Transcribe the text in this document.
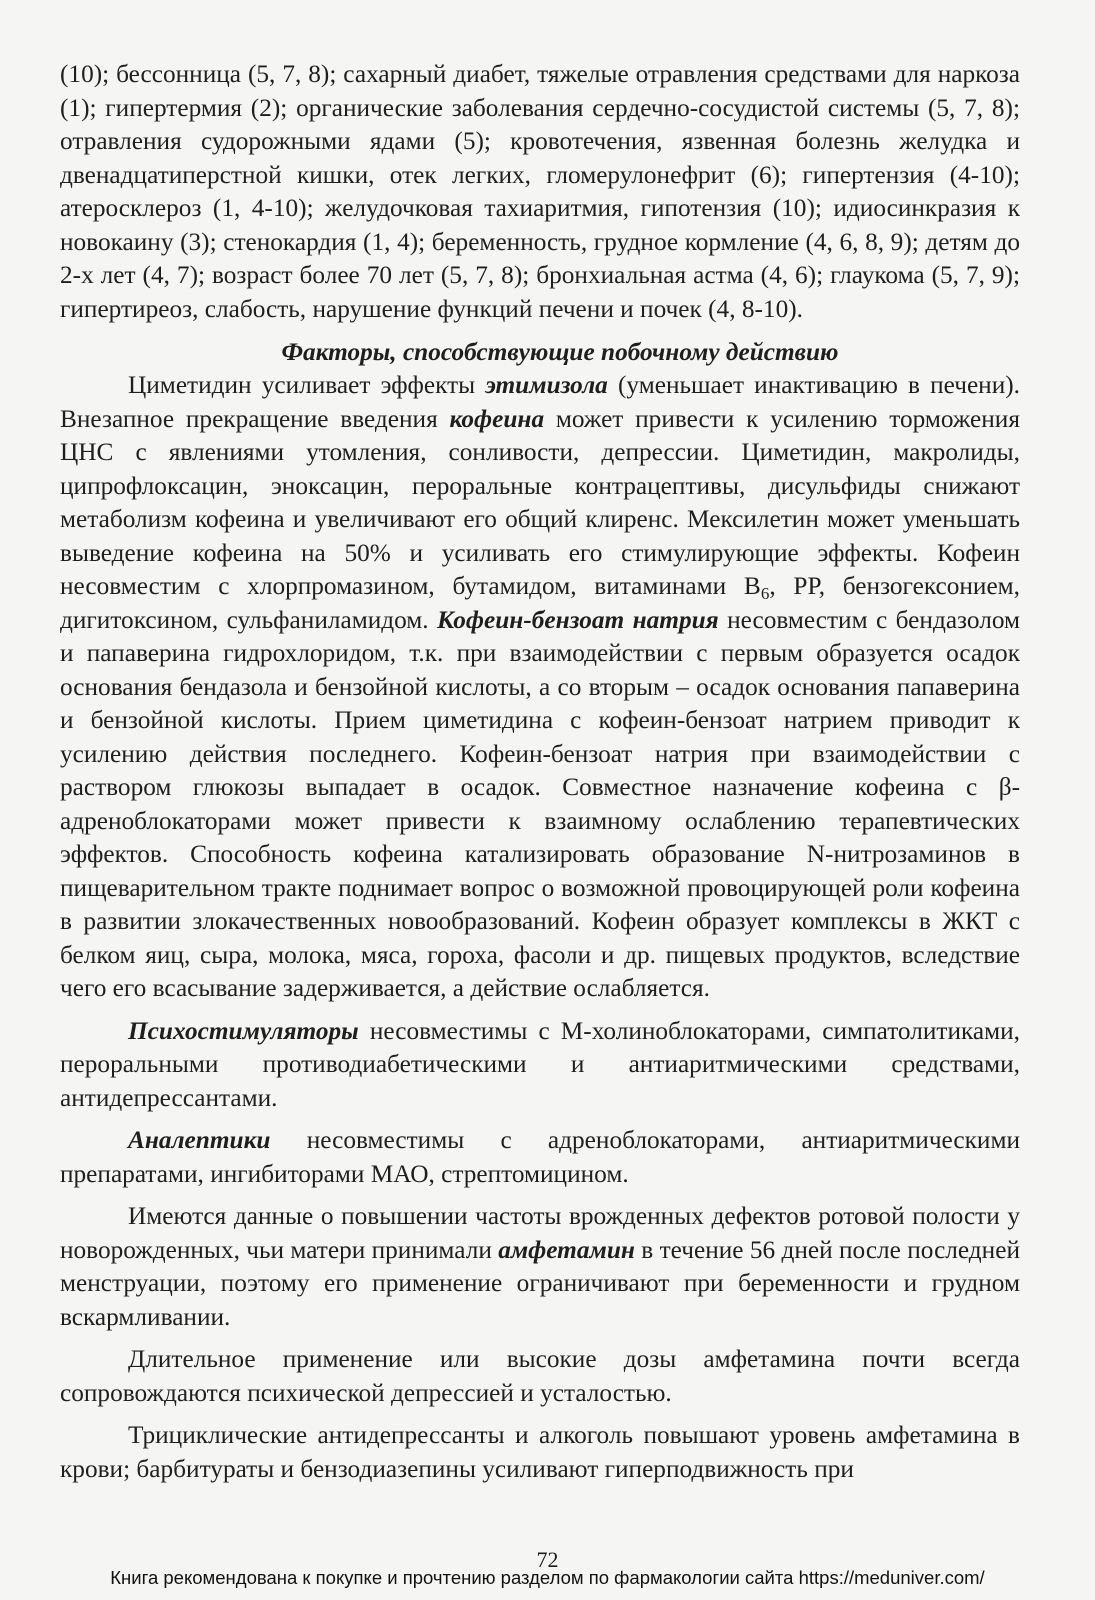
(10); бессонница (5, 7, 8); сахарный диабет, тяжелые отравления средствами для наркоза (1); гипертермия (2); органические заболевания сердечно-сосудистой системы (5, 7, 8); отравления судорожными ядами (5); кровотечения, язвенная болезнь желудка и двенадцатиперстной кишки, отек легких, гломерулонефрит (6); гипертензия (4-10); атеросклероз (1, 4-10); желудочковая тахиаритмия, гипотензия (10); идиосинкразия к новокаину (3); стенокардия (1, 4); беременность, грудное кормление (4, 6, 8, 9); детям до 2-х лет (4, 7); возраст более 70 лет (5, 7, 8); бронхиальная астма (4, 6); глаукома (5, 7, 9); гипертиреоз, слабость, нарушение функций печени и почек (4, 8-10).

Факторы, способствующие побочному действию

Циметидин усиливает эффекты этимизола (уменьшает инактивацию в печени). Внезапное прекращение введения кофеина может привести к усилению торможения ЦНС с явлениями утомления, сонливости, депрессии. Циметидин, макролиды, ципрофлоксацин, эноксацин, пероральные контрацептивы, дисульфиды снижают метаболизм кофеина и увеличивают его общий клиренс. Мексилетин может уменьшать выведение кофеина на 50% и усиливать его стимулирующие эффекты. Кофеин несовместим с хлорпромазином, бутамидом, витаминами $B_6$, PP, бензогексонием, дигитоксином, сульфаниламидом. Кофеин-бензоат натрия несовместим с бендазолом и папаверина гидрохлоридом, т.к. при взаимодействии с первым образуется осадок основания бендазола и бензойной кислоты, а со вторым – осадок основания папаверина и бензойной кислоты. Прием циметидина с кофеин-бензоат натрием приводит к усилению действия последнего. Кофеин-бензоат натрия при взаимодействии с раствором глюкозы выпадает в осадок. Совместное назначение кофеина с β-адреноблокаторами может привести к взаимному ослаблению терапевтических эффектов. Способность кофеина катализировать образование N-нитрозаминов в пищеварительном тракте поднимает вопрос о возможной провоцирующей роли кофеина в развитии злокачественных новообразований. Кофеин образует комплексы в ЖКТ с белком яиц, сыра, молока, мяса, гороха, фасоли и др. пищевых продуктов, вследствие чего его всасывание задерживается, а действие ослабляется.

Психостимуляторы несовместимы с М-холиноблокаторами, симпатолитиками, пероральными противодиабетическими и антиаритмическими средствами, антидепрессантами.

Аналептики несовместимы с адреноблокаторами, антиаритмическими препаратами, ингибиторами МАО, стрептомицином.

Имеются данные о повышении частоты врожденных дефектов ротовой полости у новорожденных, чьи матери принимали амфетамин в течение 56 дней после последней менструации, поэтому его применение ограничивают при беременности и грудном вскармливании.

Длительное применение или высокие дозы амфетамина почти всегда сопровождаются психической депрессией и усталостью.

Трициклические антидепрессанты и алкоголь повышают уровень амфетамина в крови; барбитураты и бензодиазепины усиливают гиперподвижность при

72
Книга рекомендована к покупке и прочтению разделом по фармакологии сайта https://meduniver.com/
